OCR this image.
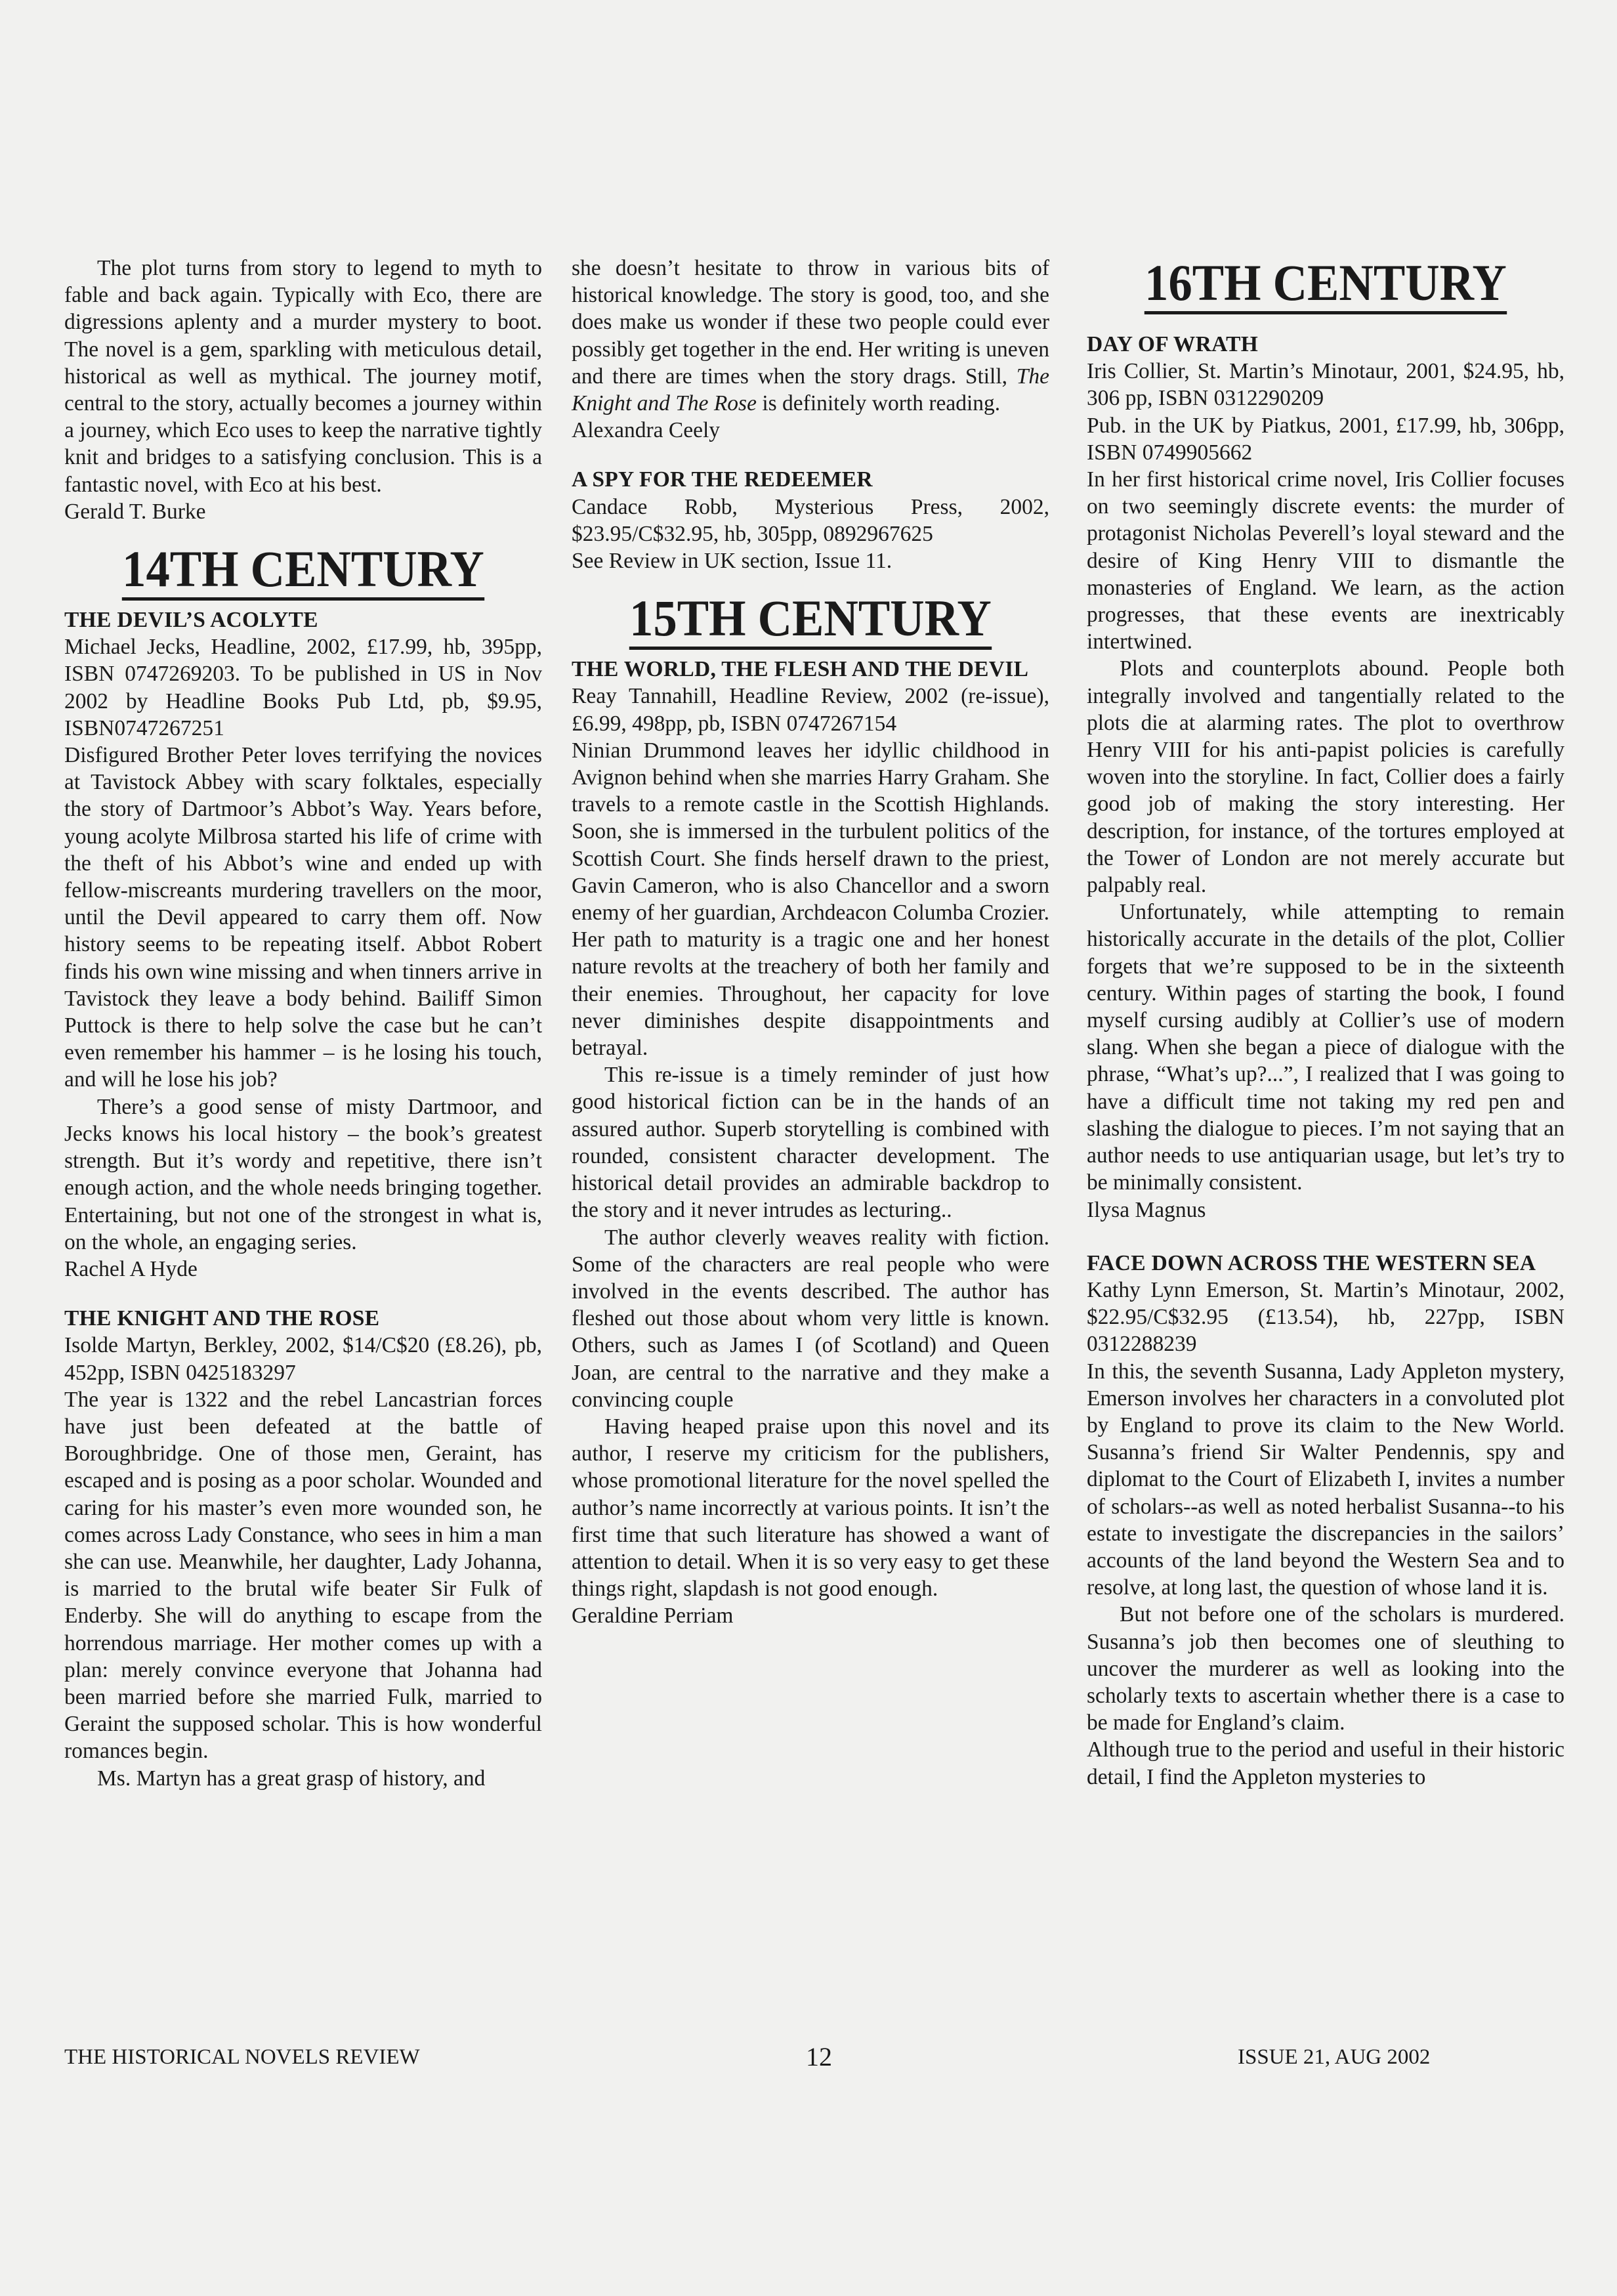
The plot turns from story to legend to myth to fable and back again. Typically with Eco, there are digressions aplenty and a murder mystery to boot. The novel is a gem, sparkling with meticulous detail, historical as well as mythical. The journey motif, central to the story, actually becomes a journey within a journey, which Eco uses to keep the narrative tightly knit and bridges to a satisfying conclusion. This is a fantastic novel, with Eco at his best.

Gerald T. Burke

14TH CENTURY
THE DEVIL’S ACOLYTE

Michael Jecks, Headline, 2002, £17.99, hb, 395pp, ISBN 0747269203. To be published in US in Nov 2002 by Headline Books Pub Ltd, pb, $9.95, ISBN0747267251

Disfigured Brother Peter loves terrifying the novices at Tavistock Abbey with scary folktales, especially the story of Dartmoor’s Abbot’s Way. Years before, young acolyte Milbrosa started his life of crime with the theft of his Abbot’s wine and ended up with fellow-miscreants murdering travellers on the moor, until the Devil appeared to carry them off. Now history seems to be repeating itself. Abbot Robert finds his own wine missing and when tinners arrive in Tavistock they leave a body behind. Bailiff Simon Puttock is there to help solve the case but he can’t even remember his hammer – is he losing his touch, and will he lose his job?

There’s a good sense of misty Dartmoor, and Jecks knows his local history – the book’s greatest strength. But it’s wordy and repetitive, there isn’t enough action, and the whole needs bringing together. Entertaining, but not one of the strongest in what is, on the whole, an engaging series.

Rachel A Hyde

THE KNIGHT AND THE ROSE

Isolde Martyn, Berkley, 2002, $14/C$20 (£8.26), pb, 452pp, ISBN 0425183297

The year is 1322 and the rebel Lancastrian forces have just been defeated at the battle of Boroughbridge. One of those men, Geraint, has escaped and is posing as a poor scholar. Wounded and caring for his master’s even more wounded son, he comes across Lady Constance, who sees in him a man she can use. Meanwhile, her daughter, Lady Johanna, is married to the brutal wife beater Sir Fulk of Enderby. She will do anything to escape from the horrendous marriage. Her mother comes up with a plan: merely convince everyone that Johanna had been married before she married Fulk, married to Geraint the supposed scholar. This is how wonderful romances begin.

Ms. Martyn has a great grasp of history, and

she doesn’t hesitate to throw in various bits of historical knowledge. The story is good, too, and she does make us wonder if these two people could ever possibly get together in the end. Her writing is uneven and there are times when the story drags. Still, The Knight and The Rose is definitely worth reading.

Alexandra Ceely

A SPY FOR THE REDEEMER

Candace Robb, Mysterious Press, 2002, $23.95/C$32.95, hb, 305pp, 0892967625

See Review in UK section, Issue 11.

15TH CENTURY
THE WORLD, THE FLESH AND THE DEVIL

Reay Tannahill, Headline Review, 2002 (re-issue), £6.99, 498pp, pb, ISBN 0747267154

Ninian Drummond leaves her idyllic childhood in Avignon behind when she marries Harry Graham. She travels to a remote castle in the Scottish Highlands. Soon, she is immersed in the turbulent politics of the Scottish Court. She finds herself drawn to the priest, Gavin Cameron, who is also Chancellor and a sworn enemy of her guardian, Archdeacon Columba Crozier. Her path to maturity is a tragic one and her honest nature revolts at the treachery of both her family and their enemies. Throughout, her capacity for love never diminishes despite disappointments and betrayal.

This re-issue is a timely reminder of just how good historical fiction can be in the hands of an assured author. Superb storytelling is combined with rounded, consistent character development. The historical detail provides an admirable backdrop to the story and it never intrudes as lecturing..

The author cleverly weaves reality with fiction. Some of the characters are real people who were involved in the events described. The author has fleshed out those about whom very little is known. Others, such as James I (of Scotland) and Queen Joan, are central to the narrative and they make a convincing couple

Having heaped praise upon this novel and its author, I reserve my criticism for the publishers, whose promotional literature for the novel spelled the author’s name incorrectly at various points. It isn’t the first time that such literature has showed a want of attention to detail. When it is so very easy to get these things right, slapdash is not good enough.

Geraldine Perriam

16TH CENTURY
DAY OF WRATH

Iris Collier, St. Martin’s Minotaur, 2001, $24.95, hb, 306 pp, ISBN 0312290209

Pub. in the UK by Piatkus, 2001, £17.99, hb, 306pp, ISBN 0749905662

In her first historical crime novel, Iris Collier focuses on two seemingly discrete events: the murder of protagonist Nicholas Peverell’s loyal steward and the desire of King Henry VIII to dismantle the monasteries of England. We learn, as the action progresses, that these events are inextricably intertwined.

Plots and counterplots abound. People both integrally involved and tangentially related to the plots die at alarming rates. The plot to overthrow Henry VIII for his anti-papist policies is carefully woven into the storyline. In fact, Collier does a fairly good job of making the story interesting. Her description, for instance, of the tortures employed at the Tower of London are not merely accurate but palpably real.

Unfortunately, while attempting to remain historically accurate in the details of the plot, Collier forgets that we’re supposed to be in the sixteenth century. Within pages of starting the book, I found myself cursing audibly at Collier’s use of modern slang. When she began a piece of dialogue with the phrase, “What’s up?...”, I realized that I was going to have a difficult time not taking my red pen and slashing the dialogue to pieces. I’m not saying that an author needs to use antiquarian usage, but let’s try to be minimally consistent.

Ilysa Magnus

FACE DOWN ACROSS THE WESTERN SEA

Kathy Lynn Emerson, St. Martin’s Minotaur, 2002, $22.95/C$32.95 (£13.54), hb, 227pp, ISBN 0312288239

In this, the seventh Susanna, Lady Appleton mystery, Emerson involves her characters in a convoluted plot by England to prove its claim to the New World. Susanna’s friend Sir Walter Pendennis, spy and diplomat to the Court of Elizabeth I, invites a number of scholars--as well as noted herbalist Susanna--to his estate to investigate the discrepancies in the sailors’ accounts of the land beyond the Western Sea and to resolve, at long last, the question of whose land it is.

But not before one of the scholars is murdered. Susanna’s job then becomes one of sleuthing to uncover the murderer as well as looking into the scholarly texts to ascertain whether there is a case to be made for England’s claim.

Although true to the period and useful in their historic detail, I find the Appleton mysteries to

THE HISTORICAL NOVELS REVIEW	12	ISSUE 21, AUG 2002
